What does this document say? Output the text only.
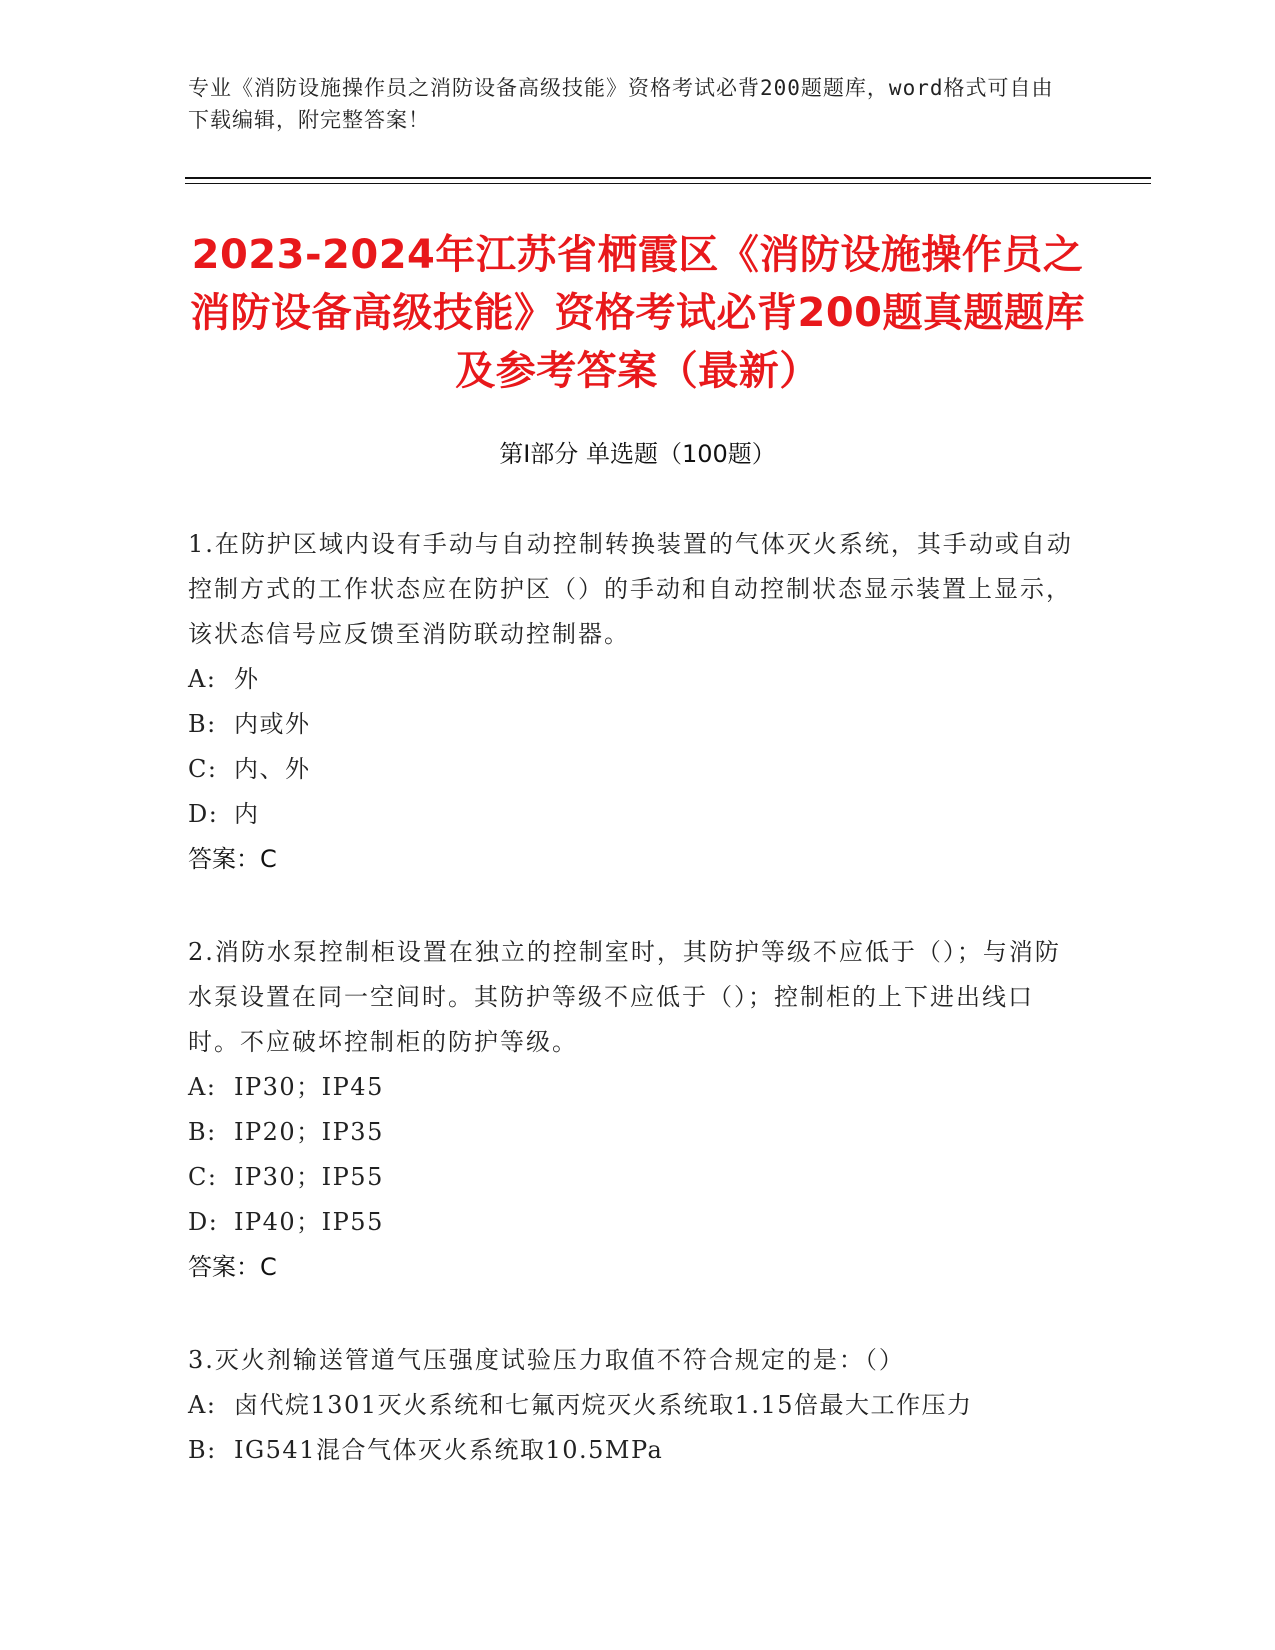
专业《消防设施操作员之消防设备高级技能》资格考试必背200题题库，word格式可自由下载编辑，附完整答案！
2023-2024年江苏省栖霞区《消防设施操作员之消防设备高级技能》资格考试必背200题真题题库及参考答案（最新）
第Ⅰ部分 单选题（100题）
1.在防护区域内设有手动与自动控制转换装置的气体灭火系统，其手动或自动控制方式的工作状态应在防护区（）的手动和自动控制状态显示装置上显示，该状态信号应反馈至消防联动控制器。
A: 外
B: 内或外
C: 内、外
D: 内
答案：C
2.消防水泵控制柜设置在独立的控制室时，其防护等级不应低于（）；与消防水泵设置在同一空间时。其防护等级不应低于（）；控制柜的上下进出线口时。不应破坏控制柜的防护等级。
A: IP30；IP45
B: IP20；IP35
C: IP30；IP55
D: IP40；IP55
答案：C
3.灭火剂输送管道气压强度试验压力取值不符合规定的是：（）
A: 卤代烷1301灭火系统和七氟丙烷灭火系统取1.15倍最大工作压力
B: IG541混合气体灭火系统取10.5MPa
